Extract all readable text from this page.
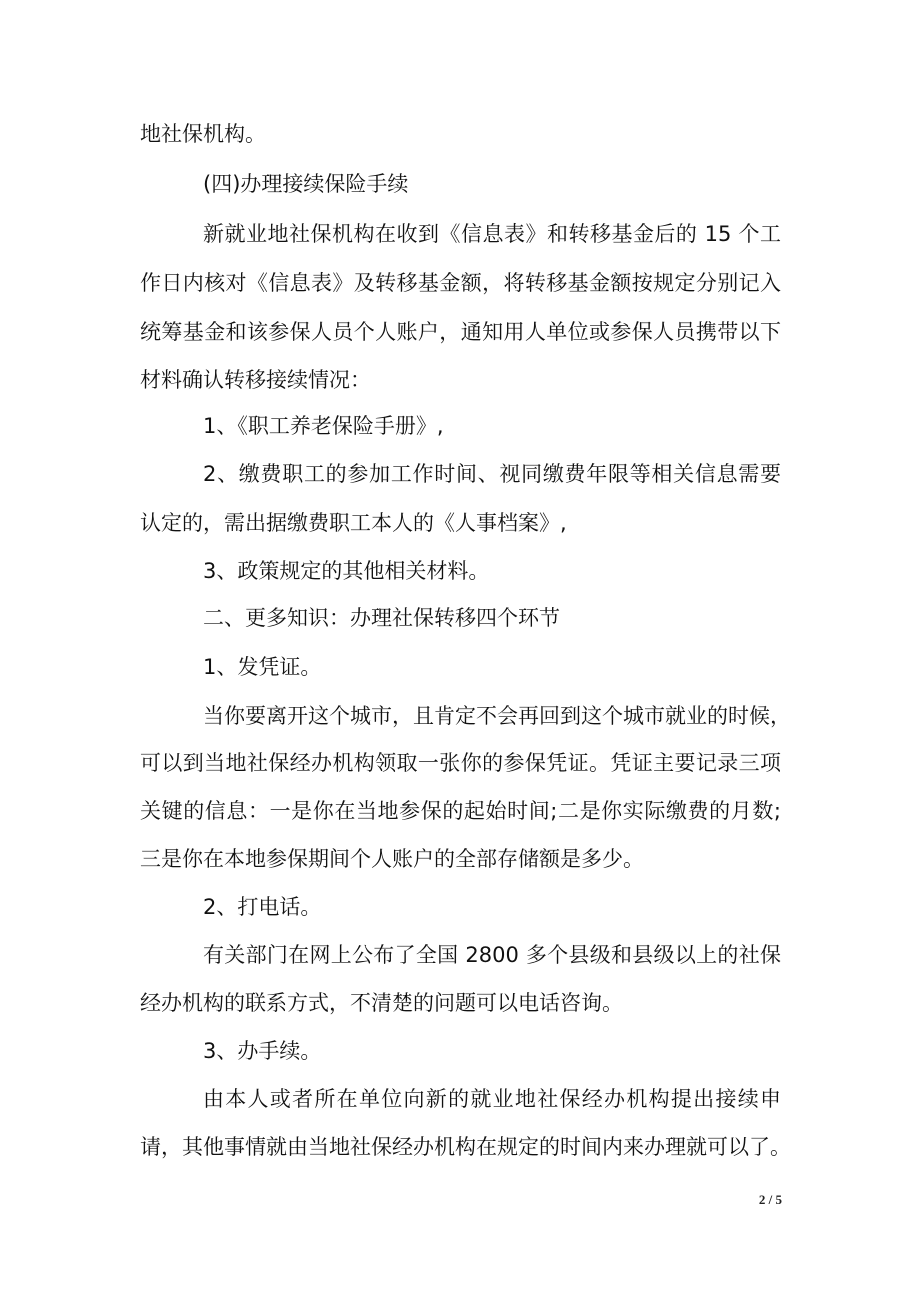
地社保机构。
(四)办理接续保险手续
新就业地社保机构在收到《信息表》和转移基金后的 15 个工
作日内核对《信息表》及转移基金额，将转移基金额按规定分别记入
统筹基金和该参保人员个人账户，通知用人单位或参保人员携带以下
材料确认转移接续情况：
1、《职工养老保险手册》,
2、缴费职工的参加工作时间、视同缴费年限等相关信息需要
认定的，需出据缴费职工本人的《人事档案》,
3、政策规定的其他相关材料。
二、更多知识：办理社保转移四个环节
1、发凭证。
当你要离开这个城市，且肯定不会再回到这个城市就业的时候，
可以到当地社保经办机构领取一张你的参保凭证。凭证主要记录三项
关键的信息：一是你在当地参保的起始时间;二是你实际缴费的月数;
三是你在本地参保期间个人账户的全部存储额是多少。
2、打电话。
有关部门在网上公布了全国 2800 多个县级和县级以上的社保
经办机构的联系方式，不清楚的问题可以电话咨询。
3、办手续。
由本人或者所在单位向新的就业地社保经办机构提出接续申
请，其他事情就由当地社保经办机构在规定的时间内来办理就可以了。
2 / 5
